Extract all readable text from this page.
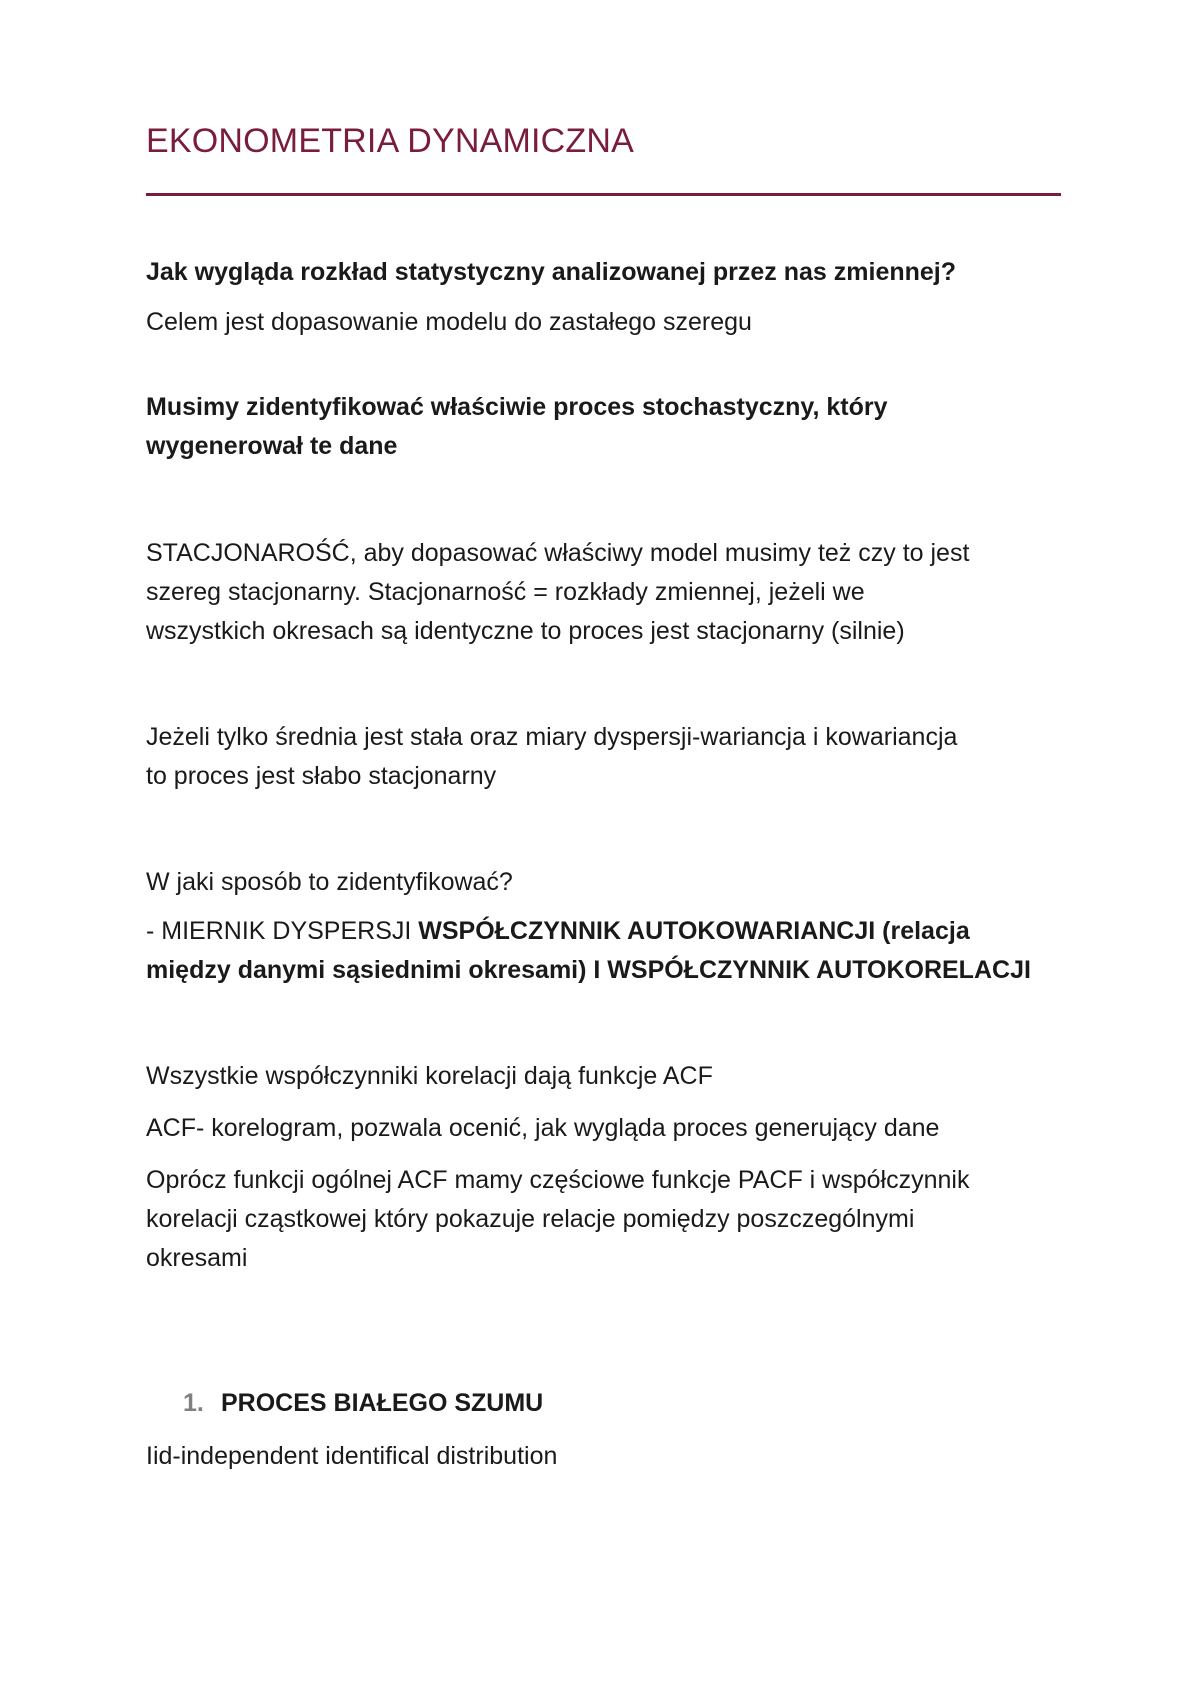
EKONOMETRIA DYNAMICZNA
Jak wygląda rozkład statystyczny analizowanej przez nas zmiennej?
Celem jest dopasowanie modelu do zastałego szeregu
Musimy zidentyfikować właściwie proces stochastyczny, który
wygenerował te dane
STACJONAROŚĆ, aby dopasować właściwy model musimy też czy to jest
szereg stacjonarny. Stacjonarność = rozkłady zmiennej, jeżeli we
wszystkich okresach są identyczne to proces jest stacjonarny (silnie)
Jeżeli tylko średnia jest stała oraz miary dyspersji-wariancja i kowariancja
to proces jest słabo stacjonarny
W jaki sposób to zidentyfikować?
- MIERNIK DYSPERSJI WSPÓŁCZYNNIK AUTOKOWARIANCJI (relacja
między danymi sąsiednimi okresami) I WSPÓŁCZYNNIK AUTOKORELACJI
Wszystkie współczynniki korelacji dają funkcje ACF
ACF- korelogram, pozwala ocenić, jak wygląda proces generujący dane
Oprócz funkcji ogólnej ACF mamy częściowe funkcje PACF i współczynnik
korelacji cząstkowej który pokazuje relacje pomiędzy poszczególnymi
okresami
1. PROCES BIAŁEGO SZUMU
Iid-independent identifical distribution
